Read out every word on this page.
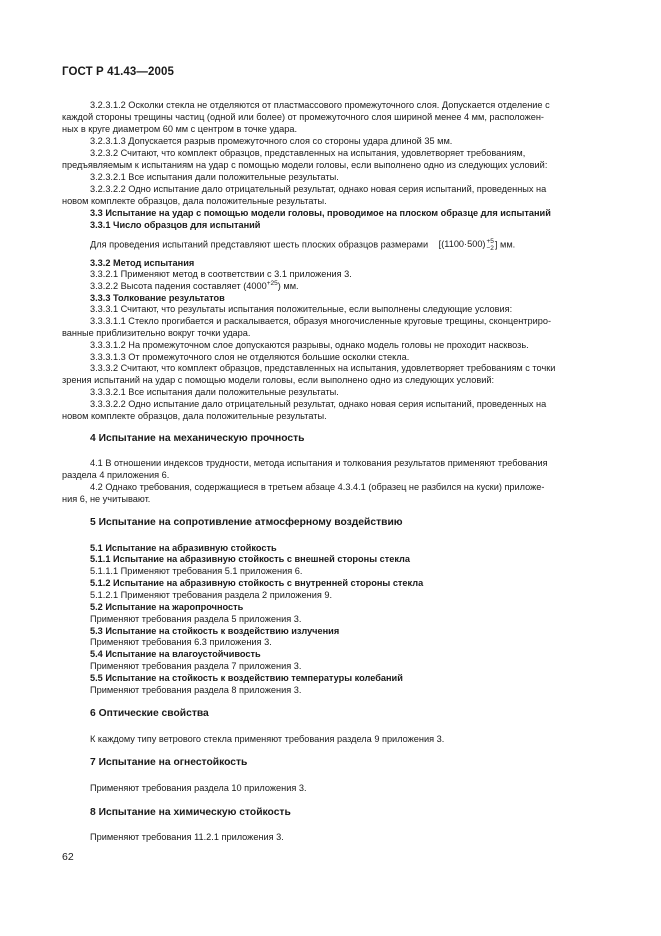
ГОСТ Р 41.43—2005
3.2.3.1.2 Осколки стекла не отделяются от пластмассового промежуточного слоя. Допускается отделение с
каждой стороны трещины частиц (одной или более) от промежуточного слоя шириной менее 4 мм, расположен-
ных в круге диаметром 60 мм с центром в точке удара.
3.2.3.1.3 Допускается разрыв промежуточного слоя со стороны удара длиной 35 мм.
3.2.3.2 Считают, что комплект образцов, представленных на испытания, удовлетворяет требованиям,
предъявляемым к испытаниям на удар с помощью модели головы, если выполнено одно из следующих условий:
3.2.3.2.1 Все испытания дали положительные результаты.
3.2.3.2.2 Одно испытание дало отрицательный результат, однако новая серия испытаний, проведенных на
новом комплекте образцов, дала положительные результаты.
3.3 Испытание на удар с помощью модели головы, проводимое на плоском образце для испытаний
3.3.1 Число образцов для испытаний
Для проведения испытаний представляют шесть плоских образцов размерами [(1100·500) +5
−2 ] мм.
3.3.2 Метод испытания
3.3.2.1 Применяют метод в соответствии с 3.1 приложения 3.
3.3.2.2 Высота падения составляет $(4000^{+25})$ мм.
3.3.3 Толкование результатов
3.3.3.1 Считают, что результаты испытания положительные, если выполнены следующие условия:
3.3.3.1.1 Стекло прогибается и раскалывается, образуя многочисленные круговые трещины, сконцентриро-
ванные приблизительно вокруг точки удара.
3.3.3.1.2 На промежуточном слое допускаются разрывы, однако модель головы не проходит насквозь.
3.3.3.1.3 От промежуточного слоя не отделяются большие осколки стекла.
3.3.3.2 Считают, что комплект образцов, представленных на испытания, удовлетворяет требованиям с точки
зрения испытаний на удар с помощью модели головы, если выполнено одно из следующих условий:
3.3.3.2.1 Все испытания дали положительные результаты.
3.3.3.2.2 Одно испытание дало отрицательный результат, однако новая серия испытаний, проведенных на
новом комплекте образцов, дала положительные результаты.
4 Испытание на механическую прочность
4.1 В отношении индексов трудности, метода испытания и толкования результатов применяют требования
раздела 4 приложения 6.
4.2 Однако требования, содержащиеся в третьем абзаце 4.3.4.1 (образец не разбился на куски) приложе-
ния 6, не учитывают.
5 Испытание на сопротивление атмосферному воздействию
5.1 Испытание на абразивную стойкость
5.1.1 Испытание на абразивную стойкость с внешней стороны стекла
5.1.1.1 Применяют требования 5.1 приложения 6.
5.1.2 Испытание на абразивную стойкость с внутренней стороны стекла
5.1.2.1 Применяют требования раздела 2 приложения 9.
5.2 Испытание на жаропрочность
Применяют требования раздела 5 приложения 3.
5.3 Испытание на стойкость к воздействию излучения
Применяют требования 6.3 приложения 3.
5.4 Испытание на влагоустойчивость
Применяют требования раздела 7 приложения 3.
5.5 Испытание на стойкость к воздействию температуры колебаний
Применяют требования раздела 8 приложения 3.
6 Оптические свойства
К каждому типу ветрового стекла применяют требования раздела 9 приложения 3.
7 Испытание на огнестойкость
Применяют требования раздела 10 приложения 3.
8 Испытание на химическую стойкость
Применяют требования 11.2.1 приложения 3.
62
